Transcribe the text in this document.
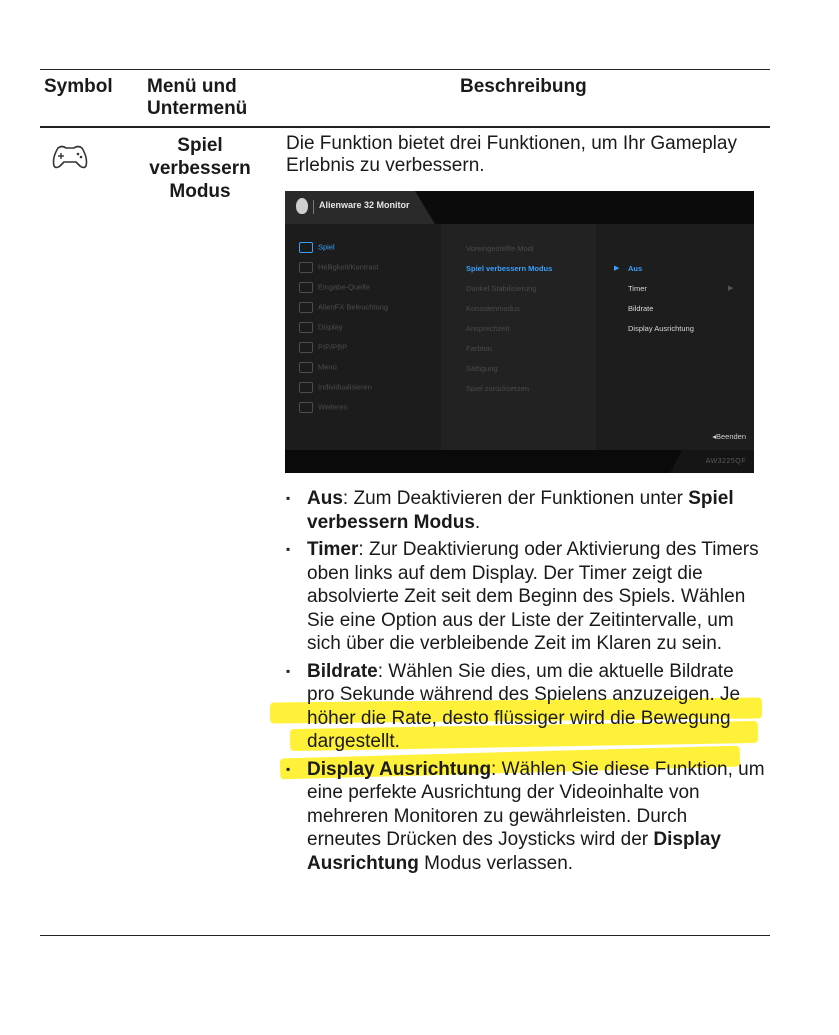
Symbol Menü und
Untermenü
Beschreibung
Spiel
verbessern
Modus
Die Funktion bietet drei Funktionen, um Ihr Gameplay Erlebnis zu verbessern.
Alienware 32 Monitor
Spiel
Helligkeit/Kontrast
Eingabe-Quelle
AlienFX Beleuchtung
Display
PIP/PBP
Menü
Individualisieren
Weiteres
Voreingestellte Modi
Spiel verbessern Modus
Dunkel Stabilisierung
Konsolenmodus
Ansprechzeit
Farbton
Sättigung
Spiel zurücksetzen
▶ Aus
Timer	▶
Bildrate
Display Ausrichtung
◂Beenden
AW3225QF
▪ Aus: Zum Deaktivieren der Funktionen unter Spiel verbessern Modus.
▪ Timer: Zur Deaktivierung oder Aktivierung des Timers oben links auf dem Display. Der Timer zeigt die absolvierte Zeit seit dem Beginn des Spiels. Wählen Sie eine Option aus der Liste der Zeitintervalle, um sich über die verbleibende Zeit im Klaren zu sein.
▪ Bildrate: Wählen Sie dies, um die aktuelle Bildrate pro Sekunde während des Spielens anzuzeigen. Je höher die Rate, desto flüssiger wird die Bewegung dargestellt.
▪ Display Ausrichtung: Wählen Sie diese Funktion, um eine perfekte Ausrichtung der Videoinhalte von mehreren Monitoren zu gewährleisten. Durch erneutes Drücken des Joysticks wird der Display Ausrichtung Modus verlassen.
